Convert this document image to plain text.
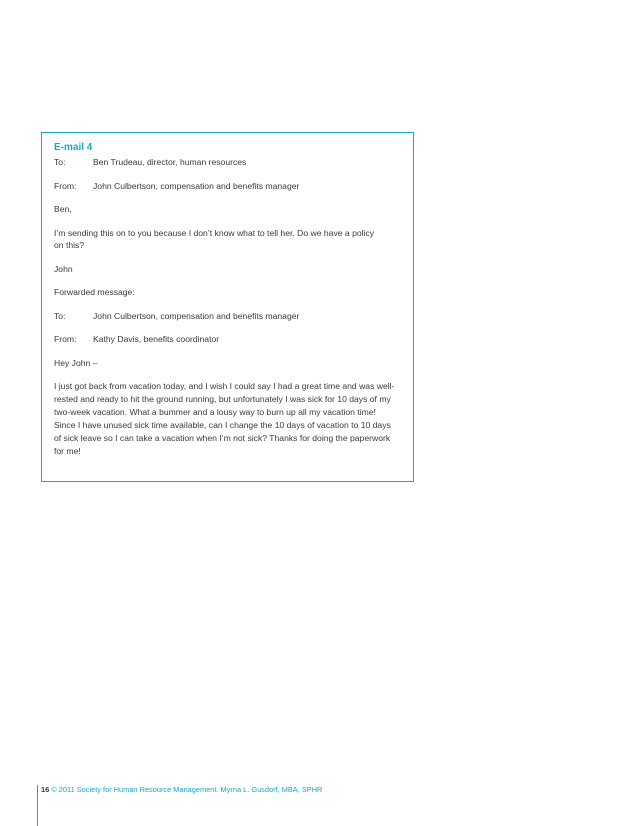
E-mail 4
To:	Ben Trudeau, director, human resources
From:	John Culbertson, compensation and benefits manager

Ben,

I’m sending this on to you because I don’t know what to tell her. Do we have a policy on this?

John

Forwarded message:

To:	John Culbertson, compensation and benefits manager
From:	Kathy Davis, benefits coordinator

Hey John –

I just got back from vacation today, and I wish I could say I had a great time and was well-rested and ready to hit the ground running, but unfortunately I was sick for 10 days of my two-week vacation. What a bummer and a lousy way to burn up all my vacation time! Since I have unused sick time available, can I change the 10 days of vacation to 10 days of sick leave so I can take a vacation when I’m not sick? Thanks for doing the paperwork for me!

16 © 2011 Society for Human Resource Management. Myrna L. Gusdorf, MBA, SPHR
